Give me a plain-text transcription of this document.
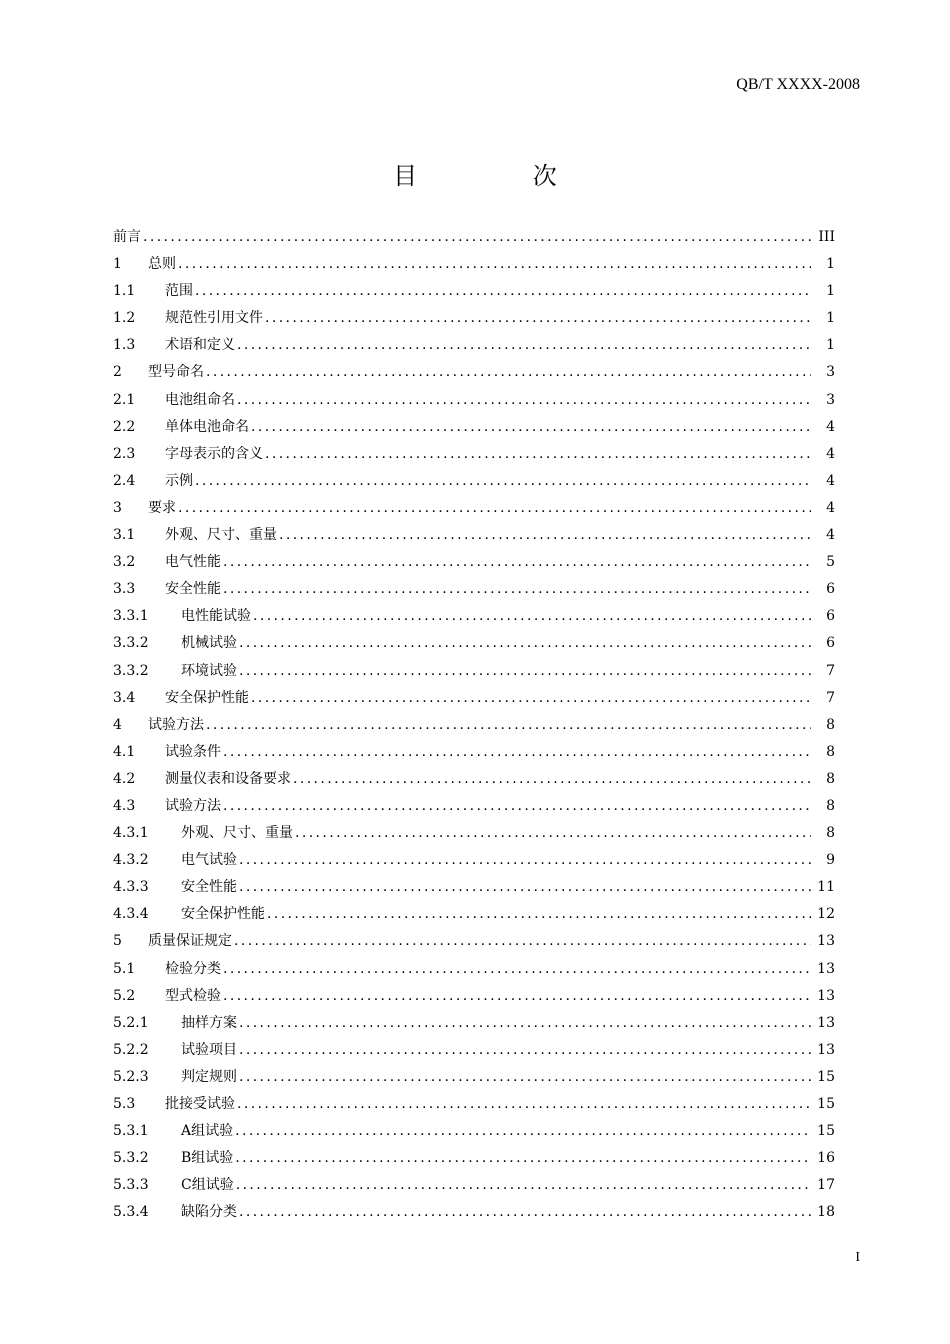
QB/T XXXX-2008
目 次
前言 .....	III
1	总则 .....	1
1.1	范围 .....	1
1.2	规范性引用文件 .....	1
1.3	术语和定义 .....	1
2	型号命名 .....	3
2.1	电池组命名 .....	3
2.2	单体电池命名 .....	4
2.3	字母表示的含义 .....	4
2.4	示例 .....	4
3	要求 .....	4
3.1	外观、尺寸、重量 .....	4
3.2	电气性能 .....	5
3.3	安全性能 .....	6
3.3.1	电性能试验 .....	6
3.3.2	机械试验 .....	6
3.3.2	环境试验 .....	7
3.4	安全保护性能 .....	7
4	试验方法 .....	8
4.1	试验条件 .....	8
4.2	测量仪表和设备要求 .....	8
4.3	试验方法 .....	8
4.3.1	外观、尺寸、重量 .....	8
4.3.2	电气试验 .....	9
4.3.3	安全性能 .....	11
4.3.4	安全保护性能 .....	12
5	质量保证规定 .....	13
5.1	检验分类 .....	13
5.2	型式检验 .....	13
5.2.1	抽样方案 .....	13
5.2.2	试验项目 .....	13
5.2.3	判定规则 .....	15
5.3	批接受试验 .....	15
5.3.1	A组试验 .....	15
5.3.2	B组试验 .....	16
5.3.3	C组试验 .....	17
5.3.4	缺陷分类 .....	18
I
